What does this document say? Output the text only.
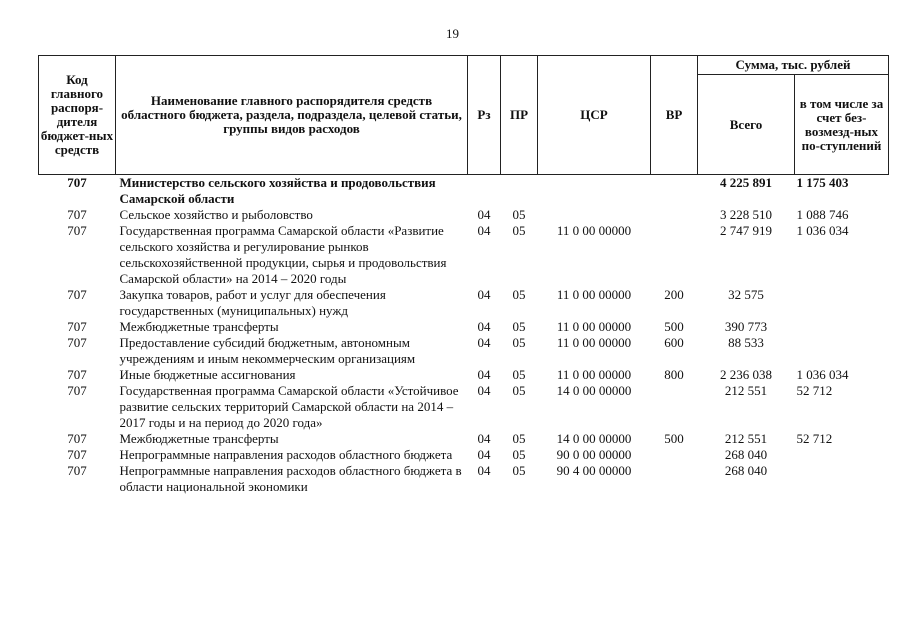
19
Код главного распоря-дителя бюджет-ных средств	Наименование главного распорядителя средств областного бюджета, раздела, подраздела, целевой статьи, группы видов расходов	Рз	ПР	ЦСР	ВР	Сумма, тыс. рублей	
						Всего	в том числе за счет без-возмезд-ных по-ступлений
707	Министерство сельского хозяйства и продовольствия Самарской области					4 225 891	1 175 403
707	Сельское хозяйство и рыболовство	04	05			3 228 510	1 088 746
707	Государственная программа Самарской области «Развитие сельского хозяйства и регулирование рынков сельскохозяйственной продукции, сырья и продовольствия Самарской области» на 2014 – 2020 годы	04	05	11 0 00 00000		2 747 919	1 036 034
707	Закупка товаров, работ и услуг для обеспечения государственных (муниципальных) нужд	04	05	11 0 00 00000	200	32 575	
707	Межбюджетные трансферты	04	05	11 0 00 00000	500	390 773	
707	Предоставление субсидий бюджетным, автономным учреждениям и иным некоммерческим организациям	04	05	11 0 00 00000	600	88 533	
707	Иные бюджетные ассигнования	04	05	11 0 00 00000	800	2 236 038	1 036 034
707	Государственная программа Самарской области «Устойчивое развитие сельских территорий Самарской области на 2014 – 2017 годы и на период до 2020 года»	04	05	14 0 00 00000		212 551	52 712
707	Межбюджетные трансферты	04	05	14 0 00 00000	500	212 551	52 712
707	Непрограммные направления расходов областного бюджета	04	05	90 0 00 00000		268 040	
707	Непрограммные направления расходов областного бюджета в области национальной экономики	04	05	90 4 00 00000		268 040	
